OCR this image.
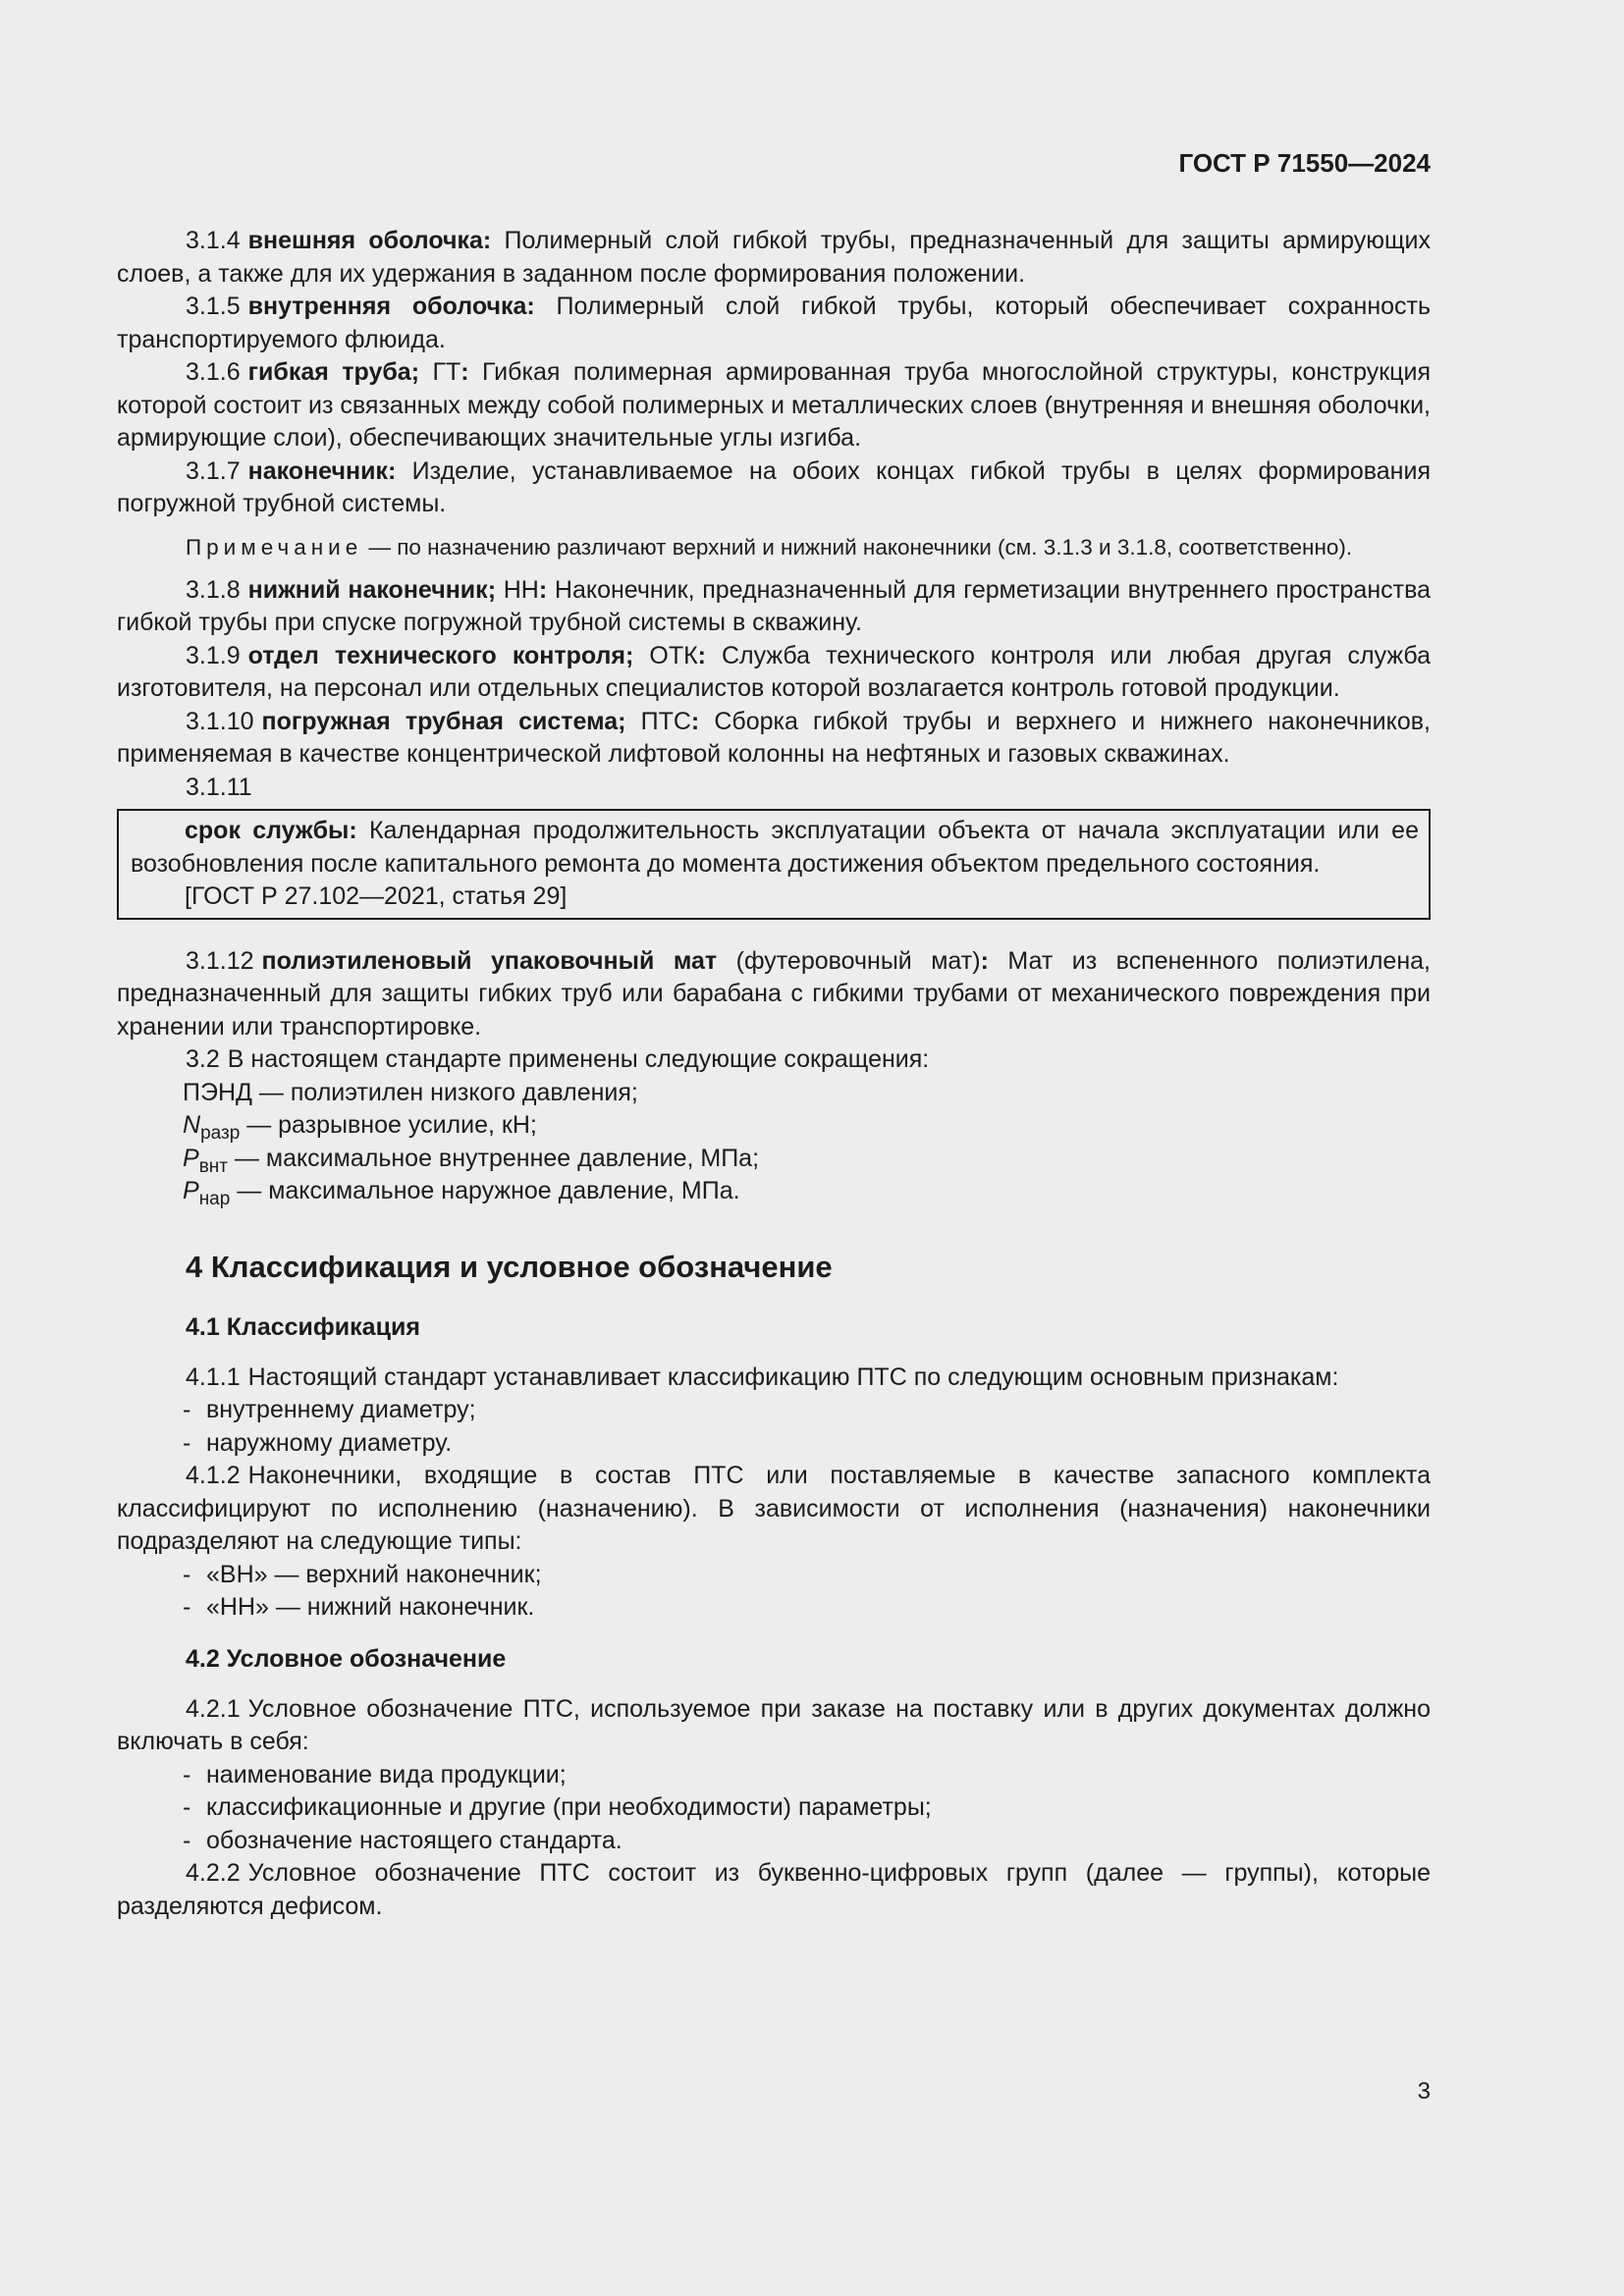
ГОСТ Р 71550—2024

3.1.4 внешняя оболочка: Полимерный слой гибкой трубы, предназначенный для защиты армирующих слоев, а также для их удержания в заданном после формирования положении.

3.1.5 внутренняя оболочка: Полимерный слой гибкой трубы, который обеспечивает сохранность транспортируемого флюида.

3.1.6 гибкая труба; ГТ: Гибкая полимерная армированная труба многослойной структуры, конструкция которой состоит из связанных между собой полимерных и металлических слоев (внутренняя и внешняя оболочки, армирующие слои), обеспечивающих значительные углы изгиба.

3.1.7 наконечник: Изделие, устанавливаемое на обоих концах гибкой трубы в целях формирования погружной трубной системы.

Примечание — по назначению различают верхний и нижний наконечники (см. 3.1.3 и 3.1.8, соответственно).

3.1.8 нижний наконечник; НН: Наконечник, предназначенный для герметизации внутреннего пространства гибкой трубы при спуске погружной трубной системы в скважину.

3.1.9 отдел технического контроля; ОТК: Служба технического контроля или любая другая служба изготовителя, на персонал или отдельных специалистов которой возлагается контроль готовой продукции.

3.1.10 погружная трубная система; ПТС: Сборка гибкой трубы и верхнего и нижнего наконечников, применяемая в качестве концентрической лифтовой колонны на нефтяных и газовых скважинах.

3.1.11

срок службы: Календарная продолжительность эксплуатации объекта от начала эксплуатации или ее возобновления после капитального ремонта до момента достижения объектом предельного состояния.

[ГОСТ Р 27.102—2021, статья 29]

3.1.12 полиэтиленовый упаковочный мат (футеровочный мат): Мат из вспененного полиэтилена, предназначенный для защиты гибких труб или барабана с гибкими трубами от механического повреждения при хранении или транспортировке.

3.2 В настоящем стандарте применены следующие сокращения:

ПЭНД — полиэтилен низкого давления;

$N_{разр}$ — разрывное усилие, кН;

$P_{внт}$ — максимальное внутреннее давление, МПа;

$P_{нар}$ — максимальное наружное давление, МПа.

4 Классификация и условное обозначение
4.1 Классификация

4.1.1 Настоящий стандарт устанавливает классификацию ПТС по следующим основным признакам:

- внутреннему диаметру;

- наружному диаметру.

4.1.2 Наконечники, входящие в состав ПТС или поставляемые в качестве запасного комплекта классифицируют по исполнению (назначению). В зависимости от исполнения (назначения) наконечники подразделяют на следующие типы:

- «ВН» — верхний наконечник;

- «НН» — нижний наконечник.

4.2 Условное обозначение

4.2.1 Условное обозначение ПТС, используемое при заказе на поставку или в других документах должно включать в себя:

- наименование вида продукции;

- классификационные и другие (при необходимости) параметры;

- обозначение настоящего стандарта.

4.2.2 Условное обозначение ПТС состоит из буквенно-цифровых групп (далее — группы), которые разделяются дефисом.

3
